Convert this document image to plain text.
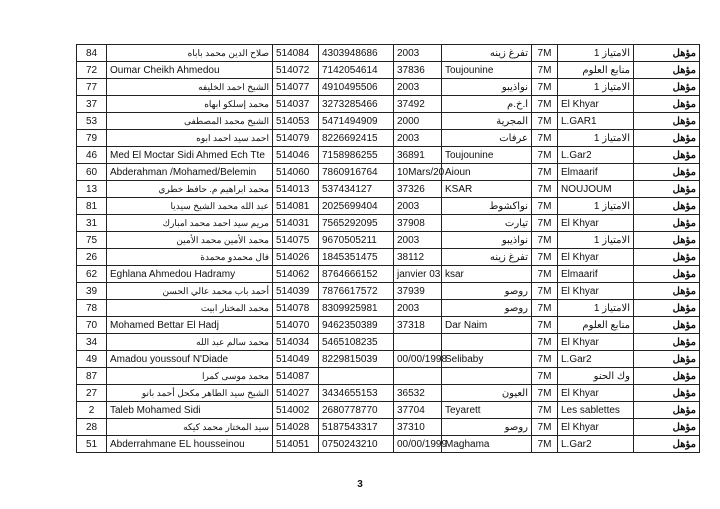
84	صلاح الدين محمد باباه	514084	4303948686	2003	تفرغ زينه	7M	الامتياز 1	مؤهل
72	Oumar Cheikh Ahmedou	514072	7142054614	37836	Toujounine	7M	منابع العلوم	مؤهل
77	الشيخ احمد الخليفه	514077	4910495506	2003	نواذيبو	7M	الامتياز 1	مؤهل
37	محمد إسلكو ابهاه	514037	3273285466	37492	ا.خ.م	7M	El Khyar	مؤهل
53	الشيخ محمد المصطفى	514053	5471494909	2000	المجرية	7M	L.GAR1	مؤهل
79	احمد سيد احمد ابوه	514079	8226692415	2003	عرفات	7M	الامتياز 1	مؤهل
46	Med El Moctar Sidi Ahmed Ech Tte	514046	7158986255	36891	Toujounine	7M	L.Gar2	مؤهل
60	Abderahman /Mohamed/Belemin	514060	7860916764	10Mars/20	Aioun	7M	Elmaarif	مؤهل
13	محمد ابراهيم م. حافظ خطري	514013	537434127	37326	KSAR	7M	NOUJOUM	مؤهل
81	عبد الله محمد الشيخ سيديا	514081	2025699404	2003	نواكشوط	7M	الامتياز 1	مؤهل
31	مريم سيد احمد محمد امبارك	514031	7565292095	37908	تيارت	7M	El Khyar	مؤهل
75	محمد الأمين محمد الأمين	514075	9670505211	2003	نواذيبو	7M	الامتياز 1	مؤهل
26	فال محمدو محمدة	514026	1845351475	38112	تفرغ زينه	7M	El Khyar	مؤهل
62	Eghlana Ahmedou Hadramy	514062	8764666152	janvier 03	ksar	7M	Elmaarif	مؤهل
39	أحمد باب محمد عالي الحسن	514039	7876617572	37939	روصو	7M	El Khyar	مؤهل
78	محمد المختار ابيت	514078	8309925981	2003	روصو	7M	الامتياز 1	مؤهل
70	Mohamed Bettar El Hadj	514070	9462350389	37318	Dar Naim	7M	منابع العلوم	مؤهل
34	محمد سالم عبد الله	514034	5465108235			7M	El Khyar	مؤهل
49	Amadou youssouf N'Diade	514049	8229815039	00/00/1998	Selibaby	7M	L.Gar2	مؤهل
87	محمد موسى كمرا	514087				7M	وك الحنو	مؤهل
27	الشيخ سيد الطاهر مكحل أحمد بانو	514027	3434655153	36532	العيون	7M	El Khyar	مؤهل
2	Taleb Mohamed Sidi	514002	2680778770	37704	Teyarett	7M	Les sablettes	مؤهل
28	سيد المختار محمد كيكه	514028	5187543317	37310	روصو	7M	El Khyar	مؤهل
51	Abderrahmane EL housseinou	514051	0750243210	00/00/1999	Maghama	7M	L.Gar2	مؤهل
3
